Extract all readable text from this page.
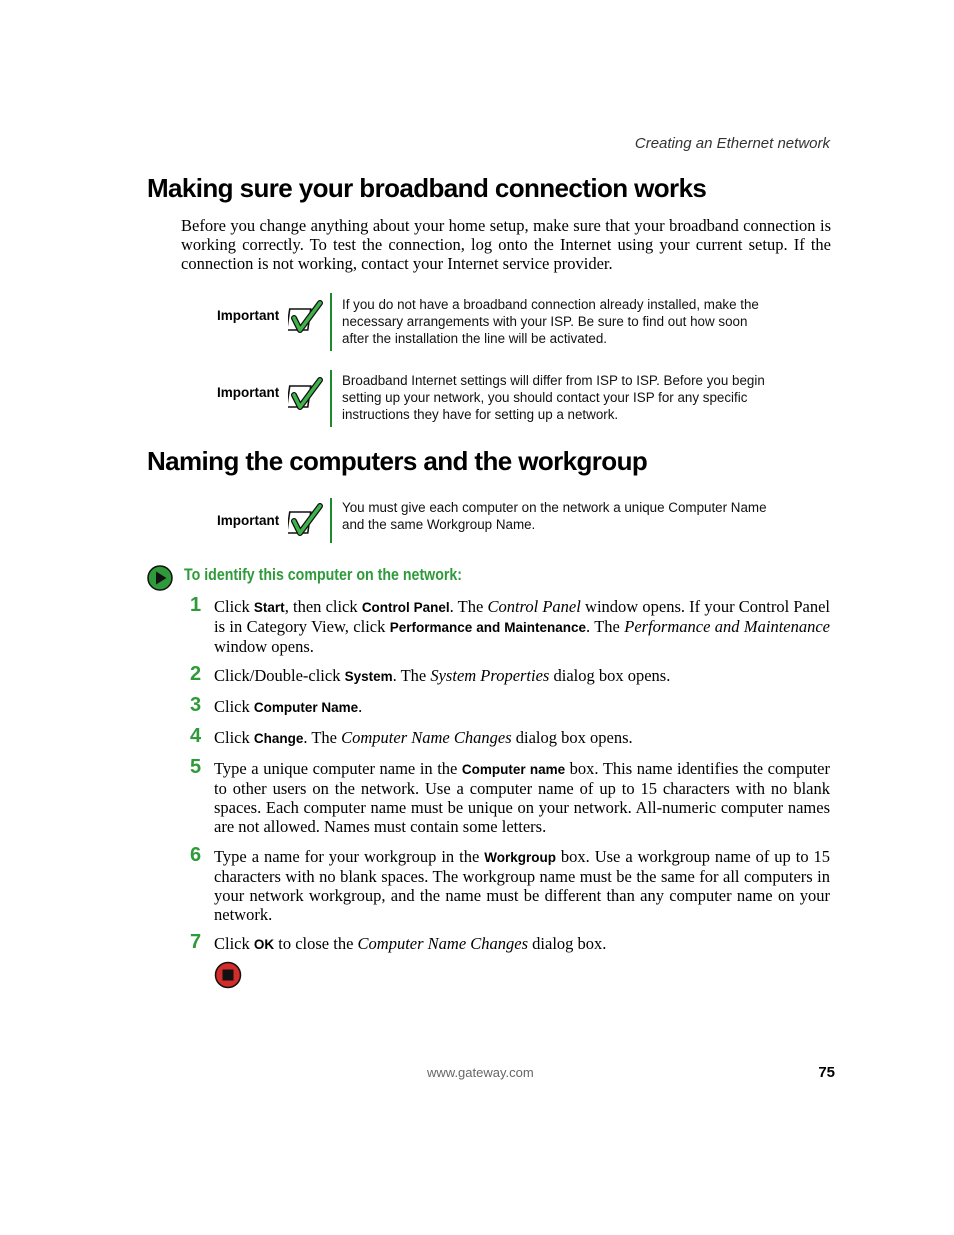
Creating an Ethernet network
Making sure your broadband connection works

Before you change anything about your home setup, make sure that your broadband connection is working correctly. To test the connection, log onto the Internet using your current setup. If the connection is not working, contact your Internet service provider.

Important
If you do not have a broadband connection already installed, make the necessary arrangements with your ISP. Be sure to find out how soon after the installation the line will be activated.
Important
Broadband Internet settings will differ from ISP to ISP. Before you begin setting up your network, you should contact your ISP for any specific instructions they have for setting up a network.
Naming the computers and the workgroup
Important
You must give each computer on the network a unique Computer Name and the same Workgroup Name.
To identify this computer on the network:
1 Click Start, then click Control Panel. The Control Panel window opens. If your Control Panel is in Category View, click Performance and Maintenance. The Performance and Maintenance window opens.
2 Click/Double-click System. The System Properties dialog box opens.
3 Click Computer Name.
4 Click Change. The Computer Name Changes dialog box opens.
5 Type a unique computer name in the Computer name box. This name identifies the computer to other users on the network. Use a computer name of up to 15 characters with no blank spaces. Each computer name must be unique on your network. All-numeric computer names are not allowed. Names must contain some letters.
6 Type a name for your workgroup in the Workgroup box. Use a workgroup name of up to 15 characters with no blank spaces. The workgroup name must be the same for all computers in your network workgroup, and the name must be different than any computer name on your network.
7 Click OK to close the Computer Name Changes dialog box.
www.gateway.com	75
